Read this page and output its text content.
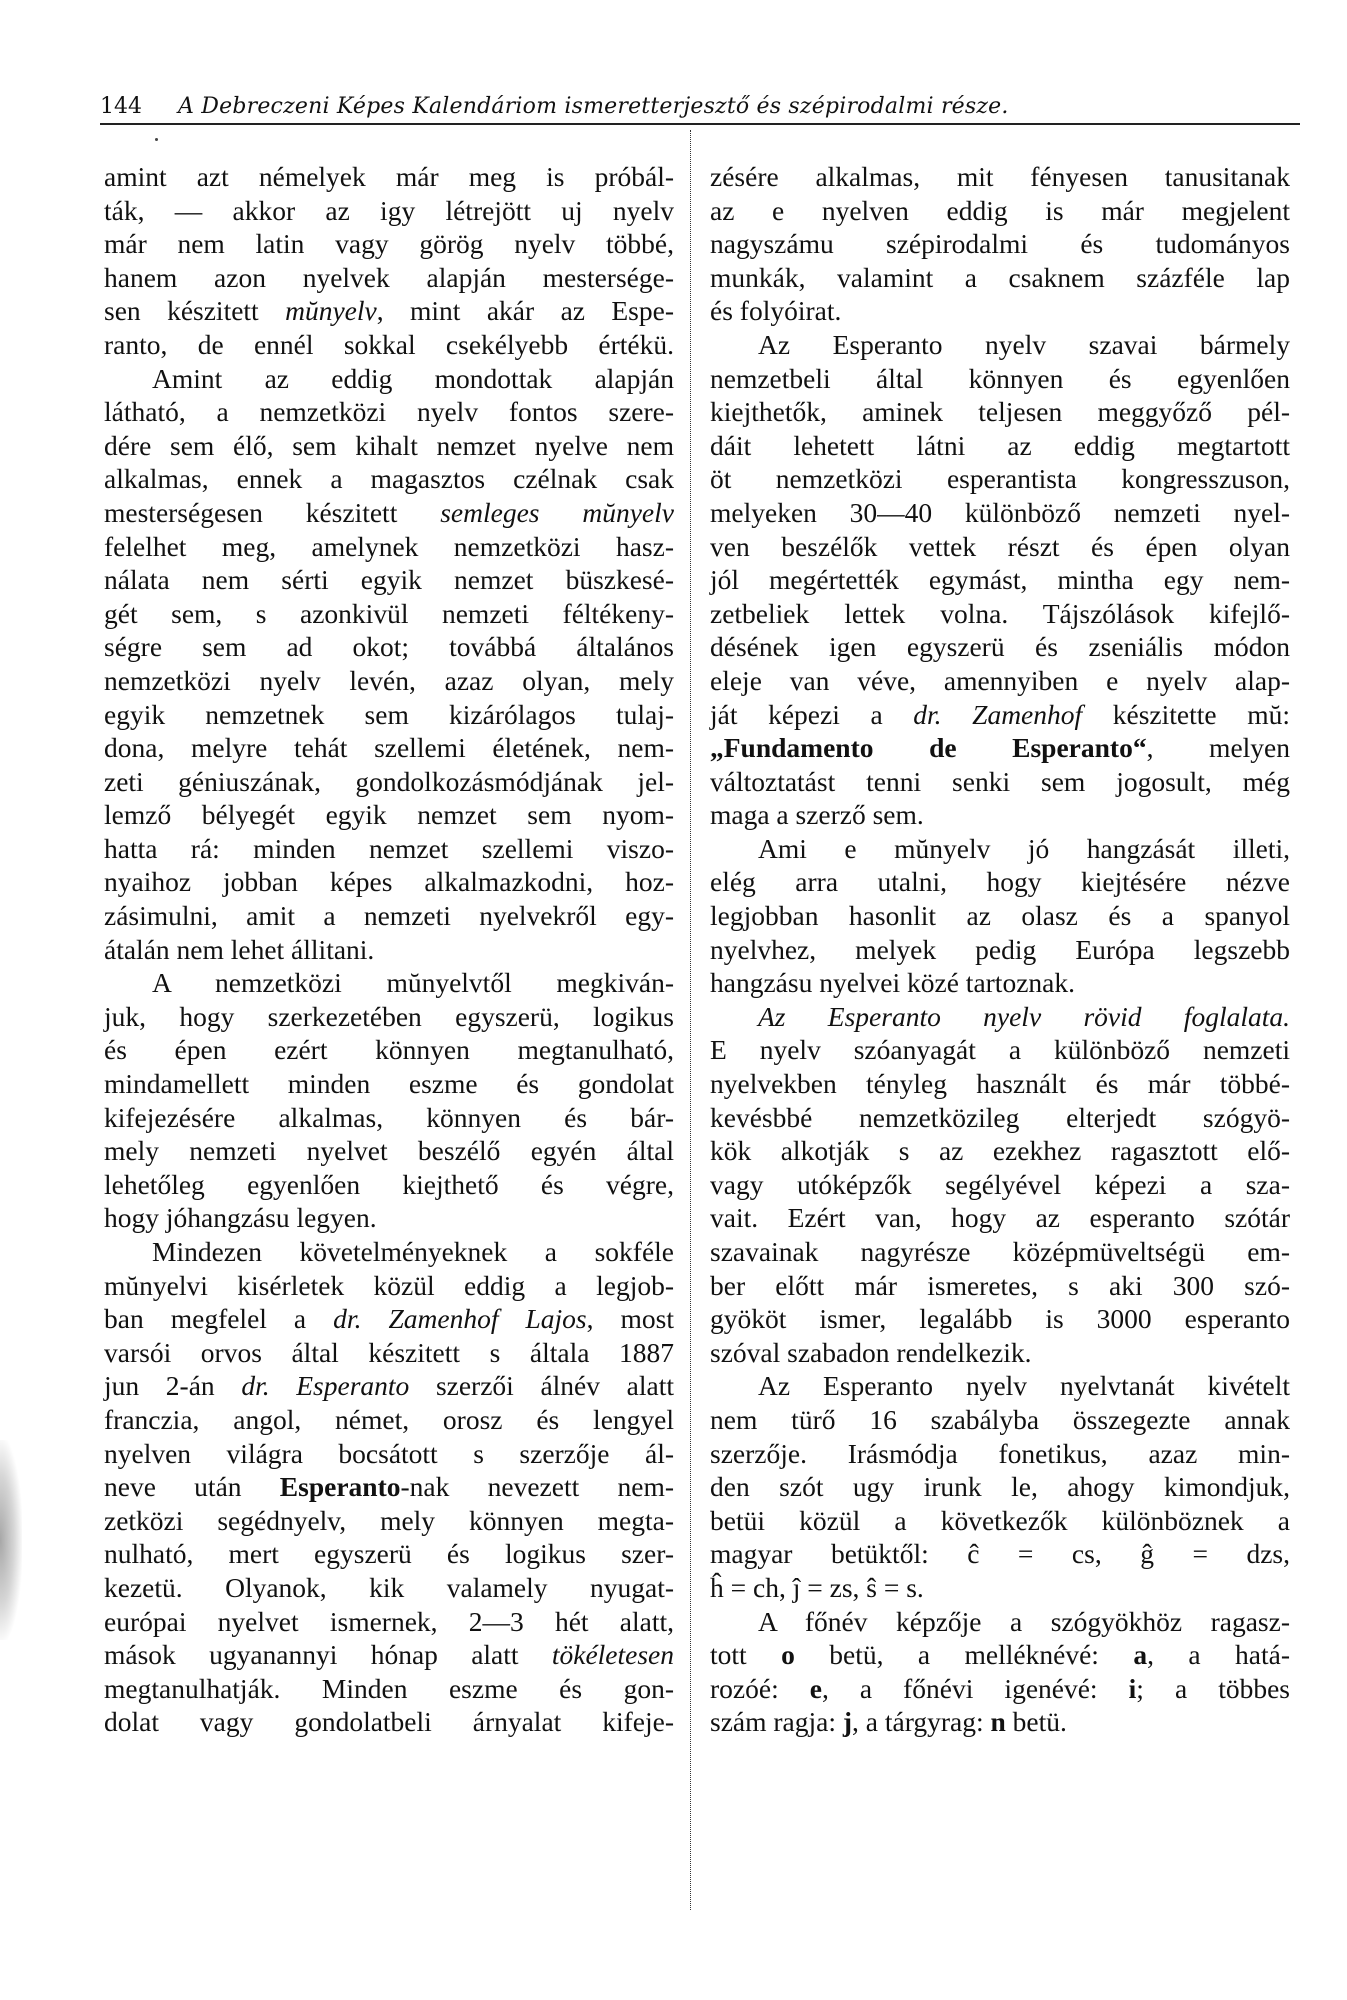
144 A Debreczeni Képes Kalendáriom ismeretterjesztő és szépirodalmi része.
amint azt némelyek már meg is próbál-
ták, — akkor az igy létrejött uj nyelv
már nem latin vagy görög nyelv többé,
hanem azon nyelvek alapján mestersége-
sen készitett mŭnyelv, mint akár az Espe-
ranto, de ennél sokkal csekélyebb értékü.
Amint az eddig mondottak alapján
látható, a nemzetközi nyelv fontos szere-
dére sem élő, sem kihalt nemzet nyelve nem
alkalmas, ennek a magasztos czélnak csak
mesterségesen készitett semleges mŭnyelv
felelhet meg, amelynek nemzetközi hasz-
nálata nem sérti egyik nemzet büszkesé-
gét sem, s azonkivül nemzeti féltékeny-
ségre sem ad okot; továbbá általános
nemzetközi nyelv levén, azaz olyan, mely
egyik nemzetnek sem kizárólagos tulaj-
dona, melyre tehát szellemi életének, nem-
zeti géniuszának, gondolkozásmódjának jel-
lemző bélyegét egyik nemzet sem nyom-
hatta rá: minden nemzet szellemi viszo-
nyaihoz jobban képes alkalmazkodni, hoz-
zásimulni, amit a nemzeti nyelvekről egy-
átalán nem lehet állitani.
A nemzetközi mŭnyelvtől megkiván-
juk, hogy szerkezetében egyszerü, logikus
és épen ezért könnyen megtanulható,
mindamellett minden eszme és gondolat
kifejezésére alkalmas, könnyen és bár-
mely nemzeti nyelvet beszélő egyén által
lehetőleg egyenlően kiejthető és végre,
hogy jóhangzásu legyen.
Mindezen követelményeknek a sokféle
mŭnyelvi kisérletek közül eddig a legjob-
ban megfelel a dr. Zamenhof Lajos, most
varsói orvos által készitett s általa 1887
jun 2-án dr. Esperanto szerzői álnév alatt
franczia, angol, német, orosz és lengyel
nyelven világra bocsátott s szerzője ál-
neve után Esperanto-nak nevezett nem-
zetközi segédnyelv, mely könnyen megta-
nulható, mert egyszerü és logikus szer-
kezetü. Olyanok, kik valamely nyugat-
európai nyelvet ismernek, 2—3 hét alatt,
mások ugyanannyi hónap alatt tökéletesen
megtanulhatják. Minden eszme és gon-
dolat vagy gondolatbeli árnyalat kifeje-
zésére alkalmas, mit fényesen tanusitanak
az e nyelven eddig is már megjelent
nagyszámu szépirodalmi és tudományos
munkák, valamint a csaknem százféle lap
és folyóirat.
Az Esperanto nyelv szavai bármely
nemzetbeli által könnyen és egyenlően
kiejthetők, aminek teljesen meggyőző pél-
dáit lehetett látni az eddig megtartott
öt nemzetközi esperantista kongresszuson,
melyeken 30—40 különböző nemzeti nyel-
ven beszélők vettek részt és épen olyan
jól megértették egymást, mintha egy nem-
zetbeliek lettek volna. Tájszólások kifejlő-
désének igen egyszerü és zseniális módon
eleje van véve, amennyiben e nyelv alap-
ját képezi a dr. Zamenhof készitette mŭ:
„Fundamento de Esperanto“, melyen
változtatást tenni senki sem jogosult, még
maga a szerző sem.
Ami e mŭnyelv jó hangzását illeti,
elég arra utalni, hogy kiejtésére nézve
legjobban hasonlit az olasz és a spanyol
nyelvhez, melyek pedig Európa legszebb
hangzásu nyelvei közé tartoznak.
Az Esperanto nyelv rövid foglalata.
E nyelv szóanyagát a különböző nemzeti
nyelvekben tényleg használt és már többé-
kevésbbé nemzetközileg elterjedt szógyö-
kök alkotják s az ezekhez ragasztott elő-
vagy utóképzők segélyével képezi a sza-
vait. Ezért van, hogy az esperanto szótár
szavainak nagyrésze középmüveltségü em-
ber előtt már ismeretes, s aki 300 szó-
gyököt ismer, legalább is 3000 esperanto
szóval szabadon rendelkezik.
Az Esperanto nyelv nyelvtanát kivételt
nem türő 16 szabályba összegezte annak
szerzője. Irásmódja fonetikus, azaz min-
den szót ugy irunk le, ahogy kimondjuk,
betüi közül a következők különböznek a
magyar betüktől: ĉ = cs, ĝ = dzs,
ĥ = ch, ĵ = zs, ŝ = s.
A főnév képzője a szógyökhöz ragasz-
tott o betü, a melléknévé: a, a hatá-
rozóé: e, a főnévi igenévé: i; a többes
szám ragja: j, a tárgyrag: n betü.
